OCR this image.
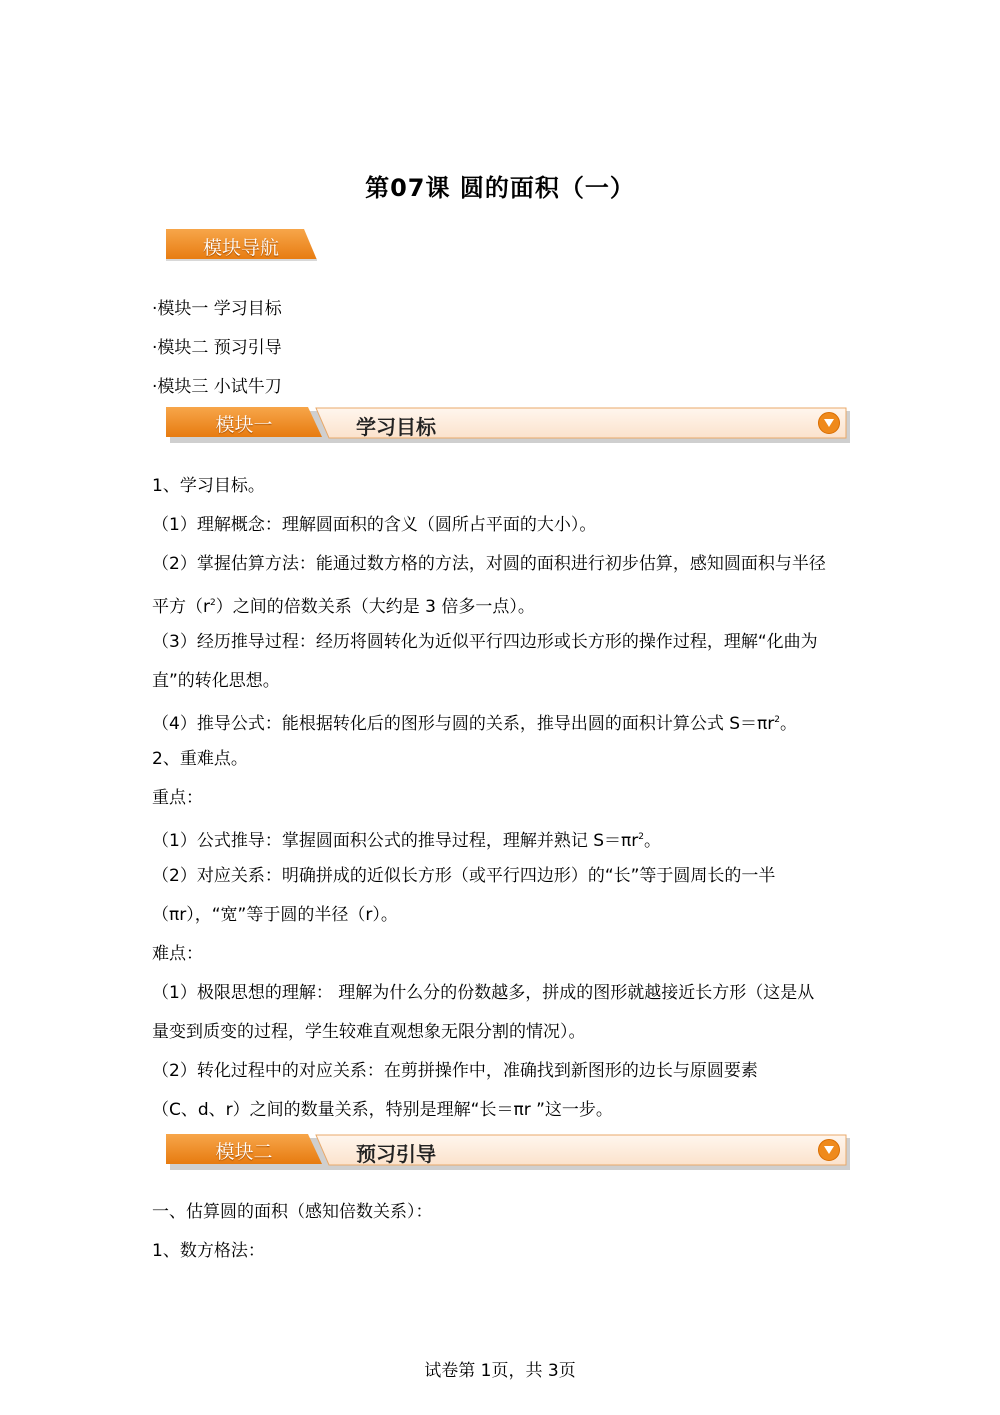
第07课 圆的面积（一）
模块导航
·模块一 学习目标
·模块二 预习引导
·模块三 小试牛刀
模块一	学习目标
1、学习目标。
（1）理解概念：理解圆面积的含义（圆所占平面的大小）。
（2）掌握估算方法：能通过数方格的方法，对圆的面积进行初步估算，感知圆面积与半径
平方$(r^2)$之间的倍数关系（大约是 3 倍多一点）。
（3）经历推导过程：经历将圆转化为近似平行四边形或长方形的操作过程，理解“化曲为
直”的转化思想。
（4）推导公式：能根据转化后的图形与圆的关系，推导出圆的面积计算公式 $S=\pi r^2$。
2、重难点。
重点：
（1）公式推导：掌握圆面积公式的推导过程，理解并熟记 $S=\pi r^2$。
（2）对应关系：明确拼成的近似长方形（或平行四边形）的“长”等于圆周长的一半
（πr），“宽”等于圆的半径（r）。
难点：
（1）极限思想的理解： 理解为什么分的份数越多，拼成的图形就越接近长方形（这是从
量变到质变的过程，学生较难直观想象无限分割的情况）。
（2）转化过程中的对应关系：在剪拼操作中，准确找到新图形的边长与原圆要素
（C、d、r）之间的数量关系，特别是理解“长＝πr ”这一步。
模块二	预习引导
一、估算圆的面积（感知倍数关系）：
1、数方格法：
试卷第 1页，共 3页
